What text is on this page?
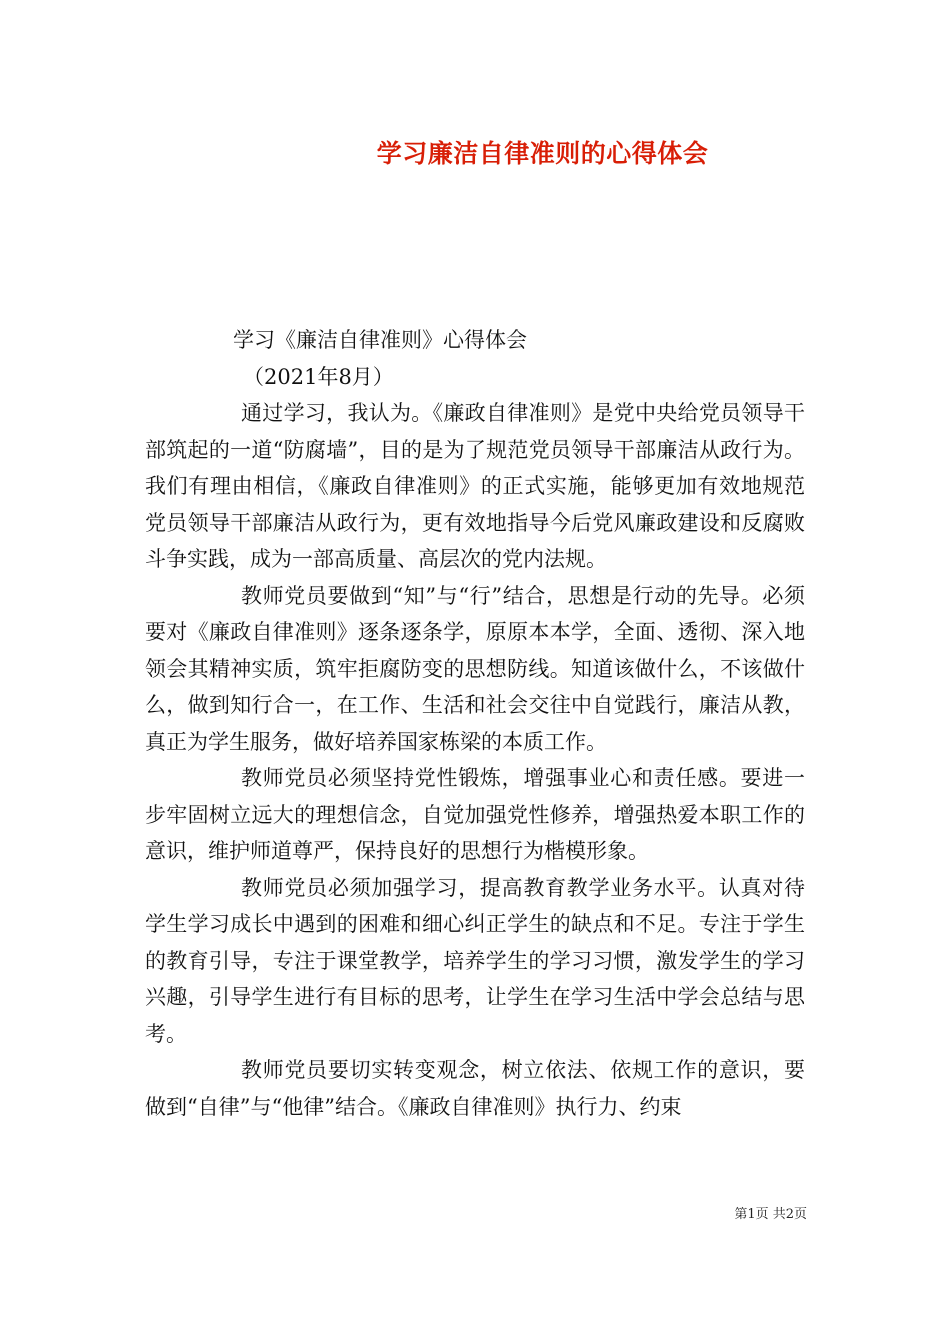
学习廉洁自律准则的心得体会

学习《廉洁自律准则》心得体会

（2021年8月）

通过学习，我认为。《廉政自律准则》是党中央给党员领导干部筑起的一道“防腐墙”，目的是为了规范党员领导干部廉洁从政行为。我们有理由相信，《廉政自律准则》的正式实施，能够更加有效地规范党员领导干部廉洁从政行为，更有效地指导今后党风廉政建设和反腐败斗争实践，成为一部高质量、高层次的党内法规。

教师党员要做到“知”与“行”结合，思想是行动的先导。必须要对《廉政自律准则》逐条逐条学，原原本本学，全面、透彻、深入地领会其精神实质，筑牢拒腐防变的思想防线。知道该做什么，不该做什么，做到知行合一，在工作、生活和社会交往中自觉践行，廉洁从教，真正为学生服务，做好培养国家栋梁的本质工作。

教师党员必须坚持党性锻炼，增强事业心和责任感。要进一步牢固树立远大的理想信念，自觉加强党性修养，增强热爱本职工作的意识，维护师道尊严，保持良好的思想行为楷模形象。

教师党员必须加强学习，提高教育教学业务水平。认真对待学生学习成长中遇到的困难和细心纠正学生的缺点和不足。专注于学生的教育引导，专注于课堂教学，培养学生的学习习惯，激发学生的学习兴趣，引导学生进行有目标的思考，让学生在学习生活中学会总结与思考。

教师党员要切实转变观念，树立依法、依规工作的意识，要做到“自律”与“他律”结合。《廉政自律准则》执行力、约束

第1页 共2页
